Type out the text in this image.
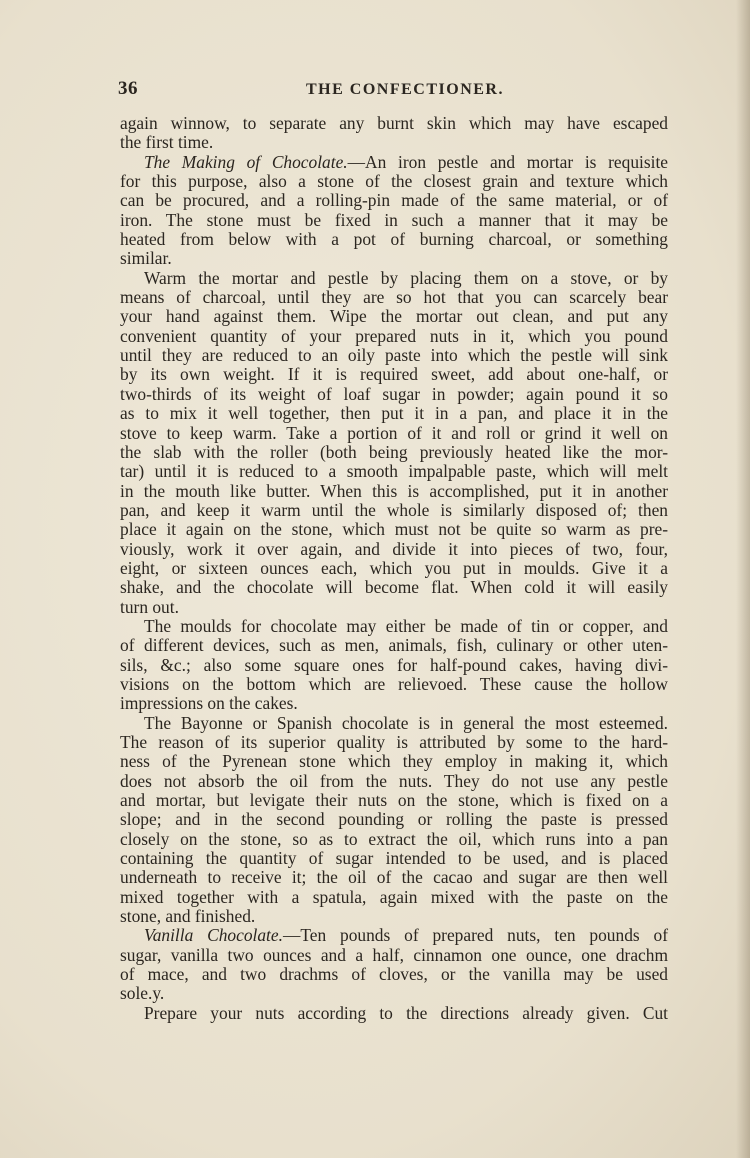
36	THE CONFECTIONER.
again winnow, to separate any burnt skin which may have escaped
the first time.
The Making of Chocolate.—An iron pestle and mortar is requisite
for this purpose, also a stone of the closest grain and texture which
can be procured, and a rolling-pin made of the same material, or of
iron. The stone must be fixed in such a manner that it may be
heated from below with a pot of burning charcoal, or something
similar.
Warm the mortar and pestle by placing them on a stove, or by
means of charcoal, until they are so hot that you can scarcely bear
your hand against them. Wipe the mortar out clean, and put any
convenient quantity of your prepared nuts in it, which you pound
until they are reduced to an oily paste into which the pestle will sink
by its own weight. If it is required sweet, add about one-half, or
two-thirds of its weight of loaf sugar in powder; again pound it so
as to mix it well together, then put it in a pan, and place it in the
stove to keep warm. Take a portion of it and roll or grind it well on
the slab with the roller (both being previously heated like the mor-
tar) until it is reduced to a smooth impalpable paste, which will melt
in the mouth like butter. When this is accomplished, put it in another
pan, and keep it warm until the whole is similarly disposed of; then
place it again on the stone, which must not be quite so warm as pre-
viously, work it over again, and divide it into pieces of two, four,
eight, or sixteen ounces each, which you put in moulds. Give it a
shake, and the chocolate will become flat. When cold it will easily
turn out.
The moulds for chocolate may either be made of tin or copper, and
of different devices, such as men, animals, fish, culinary or other uten-
sils, &c.; also some square ones for half-pound cakes, having divi-
visions on the bottom which are relievoed. These cause the hollow
impressions on the cakes.
The Bayonne or Spanish chocolate is in general the most esteemed.
The reason of its superior quality is attributed by some to the hard-
ness of the Pyrenean stone which they employ in making it, which
does not absorb the oil from the nuts. They do not use any pestle
and mortar, but levigate their nuts on the stone, which is fixed on a
slope; and in the second pounding or rolling the paste is pressed
closely on the stone, so as to extract the oil, which runs into a pan
containing the quantity of sugar intended to be used, and is placed
underneath to receive it; the oil of the cacao and sugar are then well
mixed together with a spatula, again mixed with the paste on the
stone, and finished.
Vanilla Chocolate.—Ten pounds of prepared nuts, ten pounds of
sugar, vanilla two ounces and a half, cinnamon one ounce, one drachm
of mace, and two drachms of cloves, or the vanilla may be used
sole.y.
Prepare your nuts according to the directions already given. Cut
